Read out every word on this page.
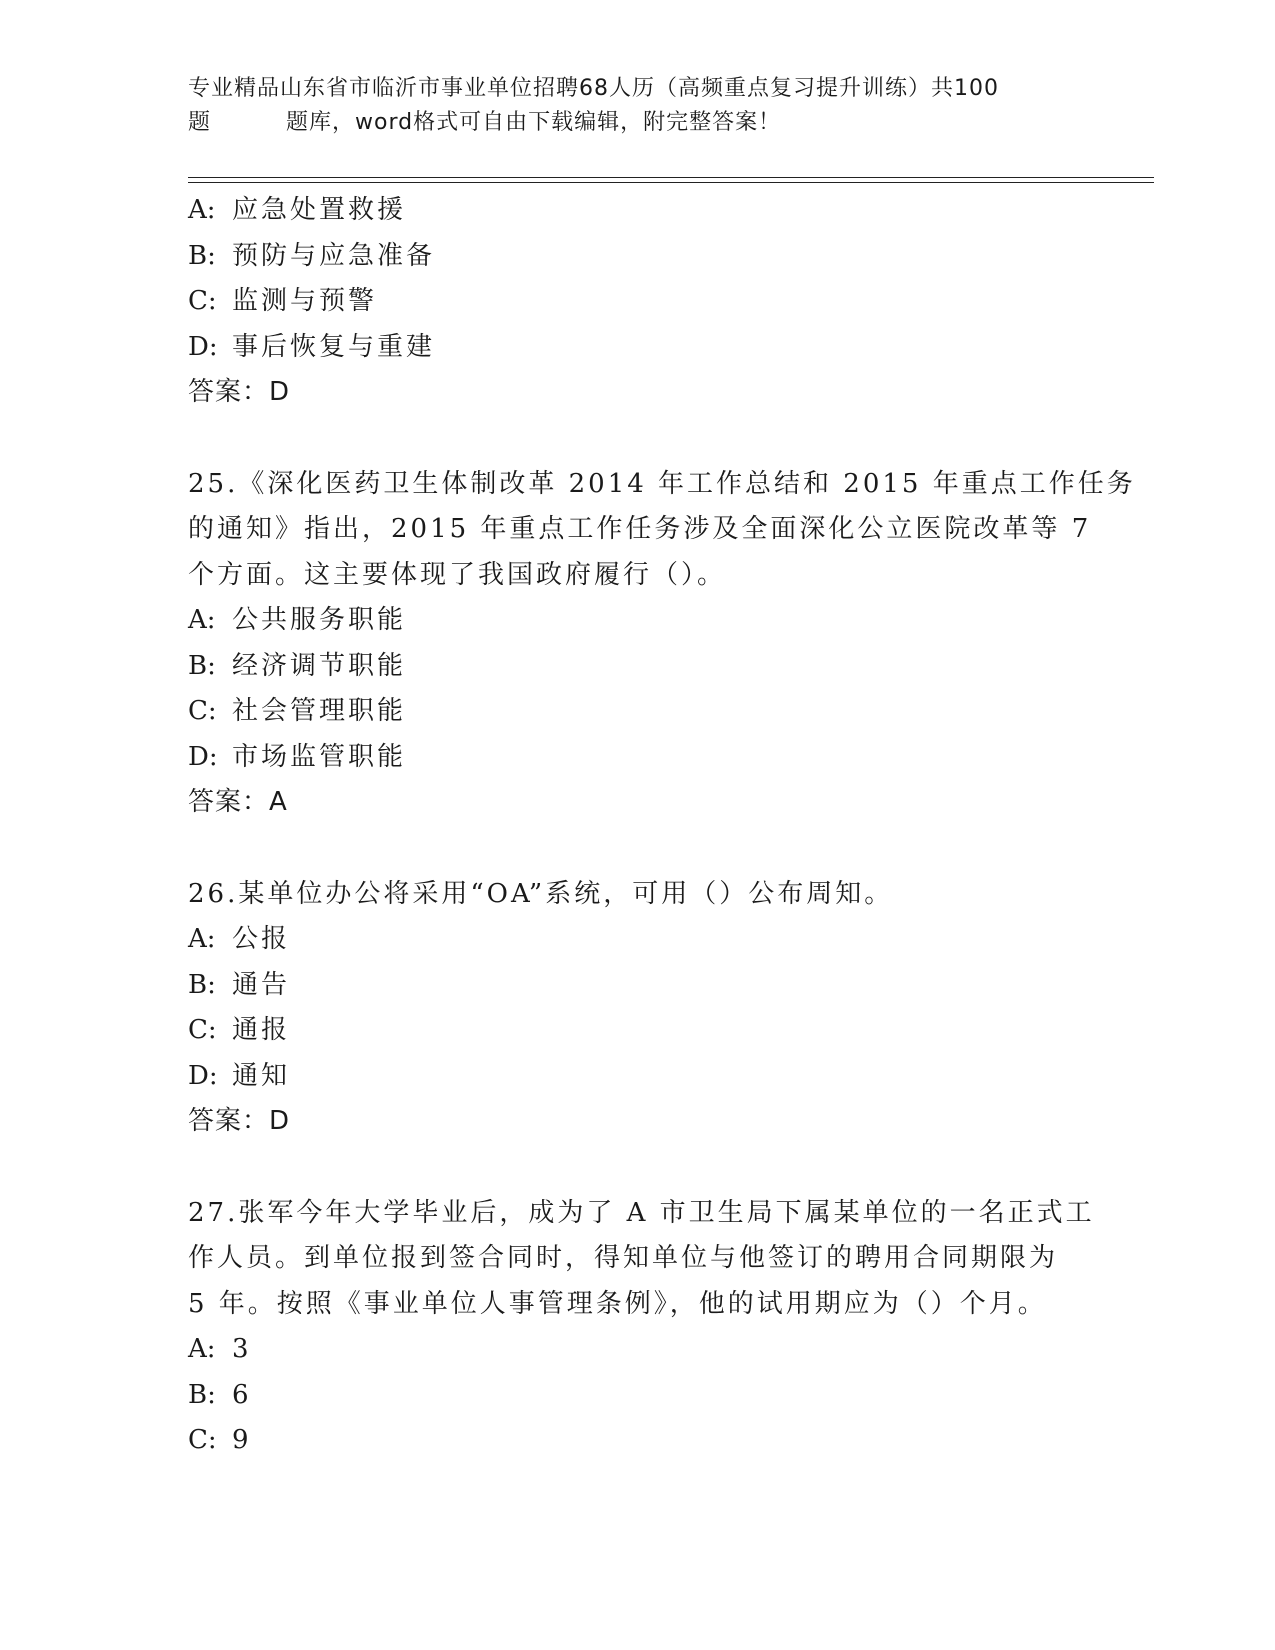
专业精品山东省市临沂市事业单位招聘68人历（高频重点复习提升训练）共100
题	题库，word格式可自由下载编辑，附完整答案！
A: 应急处置救援
B: 预防与应急准备
C: 监测与预警
D: 事后恢复与重建
答案：D
25.《深化医药卫生体制改革 2014 年工作总结和 2015 年重点工作任务
的通知》指出，2015 年重点工作任务涉及全面深化公立医院改革等 7
个方面。这主要体现了我国政府履行（）。
A: 公共服务职能
B: 经济调节职能
C: 社会管理职能
D: 市场监管职能
答案：A
26.某单位办公将采用“OA”系统，可用（）公布周知。
A: 公报
B: 通告
C: 通报
D: 通知
答案：D
27.张军今年大学毕业后，成为了 A 市卫生局下属某单位的一名正式工
作人员。到单位报到签合同时，得知单位与他签订的聘用合同期限为
5 年。按照《事业单位人事管理条例》，他的试用期应为（）个月。
A: 3
B: 6
C: 9
